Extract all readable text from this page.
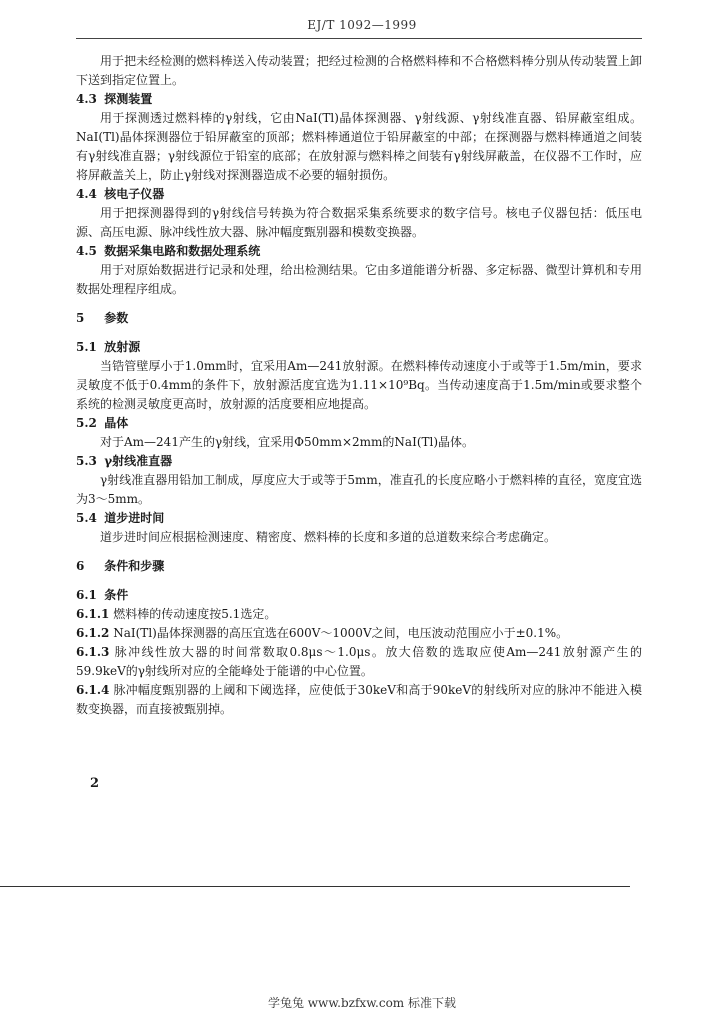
EJ/T 1092—1999

用于把未经检测的燃料棒送入传动装置；把经过检测的合格燃料棒和不合格燃料棒分别从传动装置上卸下送到指定位置上。

4.3 探测装置

用于探测透过燃料棒的γ射线，它由NaI(Tl)晶体探测器、γ射线源、γ射线准直器、铅屏蔽室组成。NaI(Tl)晶体探测器位于铅屏蔽室的顶部；燃料棒通道位于铅屏蔽室的中部；在探测器与燃料棒通道之间装有γ射线准直器；γ射线源位于铅室的底部；在放射源与燃料棒之间装有γ射线屏蔽盖，在仪器不工作时，应将屏蔽盖关上，防止γ射线对探测器造成不必要的辐射损伤。

4.4 核电子仪器

用于把探测器得到的γ射线信号转换为符合数据采集系统要求的数字信号。核电子仪器包括：低压电源、高压电源、脉冲线性放大器、脉冲幅度甄别器和模数变换器。

4.5 数据采集电路和数据处理系统

用于对原始数据进行记录和处理，给出检测结果。它由多道能谱分析器、多定标器、微型计算机和专用数据处理程序组成。

5 参数

5.1 放射源

当锆管壁厚小于1.0mm时，宜采用Am—241放射源。在燃料棒传动速度小于或等于1.5m/min，要求灵敏度不低于0.4mm的条件下，放射源活度宜选为1.11×10⁹Bq。当传动速度高于1.5m/min或要求整个系统的检测灵敏度更高时，放射源的活度要相应地提高。

5.2 晶体

对于Am—241产生的γ射线，宜采用Φ50mm×2mm的NaI(Tl)晶体。

5.3 γ射线准直器

γ射线准直器用铅加工制成，厚度应大于或等于5mm，准直孔的长度应略小于燃料棒的直径，宽度宜选为3～5mm。

5.4 道步进时间

道步进时间应根据检测速度、精密度、燃料棒的长度和多道的总道数来综合考虑确定。

6 条件和步骤

6.1 条件

6.1.1 燃料棒的传动速度按5.1选定。

6.1.2 NaI(Tl)晶体探测器的高压宜选在600V～1000V之间，电压波动范围应小于±0.1%。

6.1.3 脉冲线性放大器的时间常数取0.8μs～1.0μs。放大倍数的选取应使Am—241放射源产生的59.9keV的γ射线所对应的全能峰处于能谱的中心位置。

6.1.4 脉冲幅度甄别器的上阈和下阈选择，应使低于30keV和高于90keV的射线所对应的脉冲不能进入模数变换器，而直接被甄别掉。

2
学兔兔 www.bzfxw.com 标准下载
